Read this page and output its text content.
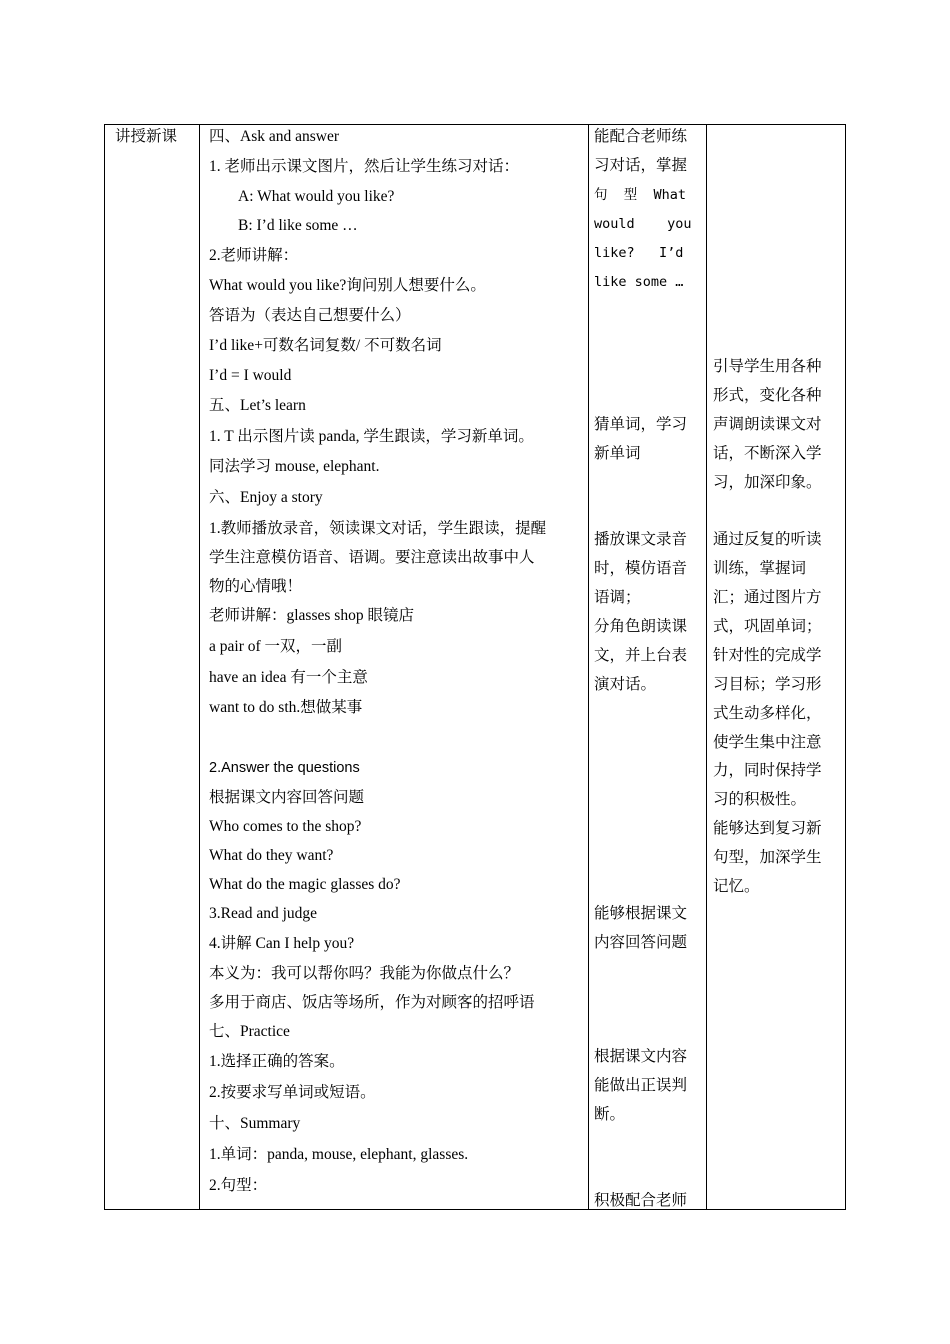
讲授新课	四、Ask and answer
1. 老师出示课文图片，然后让学生练习对话：
A: What would you like?
B: I’d like some …
2.老师讲解：
What would you like?询问别人想要什么。
答语为（表达自己想要什么）
I’d like+可数名词复数/ 不可数名词
I’d = I would
五、Let’s learn
1. T 出示图片读 panda, 学生跟读，学习新单词。
同法学习 mouse, elephant.
六、Enjoy a story
1.教师播放录音，领读课文对话，学生跟读，提醒
学生注意模仿语音、语调。要注意读出故事中人
物的心情哦！
老师讲解：glasses shop 眼镜店
a pair of 一双，一副
have an idea 有一个主意
want to do sth.想做某事
2.Answer the questions
根据课文内容回答问题
Who comes to the shop?
What do they want?
What do the magic glasses do?
3.Read and judge
4.讲解 Can I help you?
本义为：我可以帮你吗？我能为你做点什么？
多用于商店、饭店等场所，作为对顾客的招呼语
七、Practice
1.选择正确的答案。
2.按要求写单词或短语。
十、Summary
1.单词：panda, mouse, elephant, glasses.
2.句型：
能配合老师练
习对话，掌握
句  型  What
would    you
like?   I’d
like some …
猜单词，学习
新单词
播放课文录音
时，模仿语音
语调；
分角色朗读课
文，并上台表
演对话。
能够根据课文
内容回答问题
根据课文内容
能做出正误判
断。
积极配合老师
引导学生用各种
形式，变化各种
声调朗读课文对
话，不断深入学
习，加深印象。
通过反复的听读
训练，掌握词
汇；通过图片方
式，巩固单词；
针对性的完成学
习目标；学习形
式生动多样化，
使学生集中注意
力，同时保持学
习的积极性。
能够达到复习新
句型，加深学生
记忆。
